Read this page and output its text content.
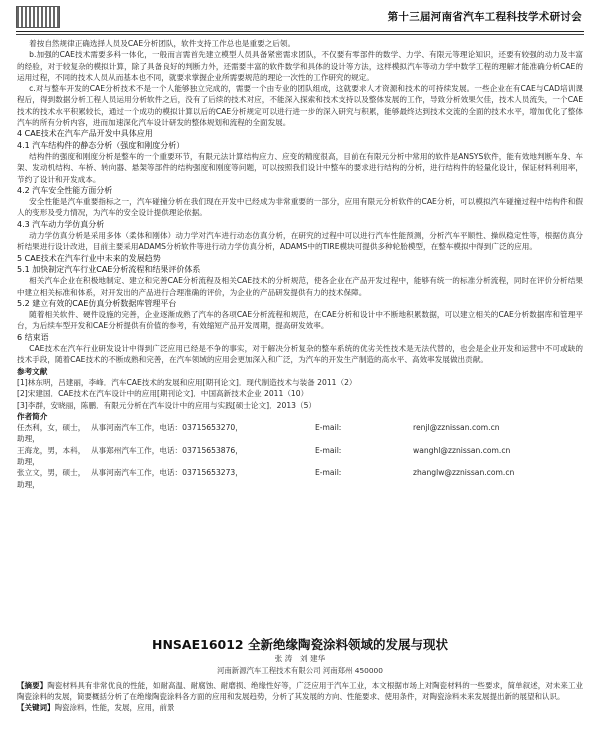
第十三届河南省汽车工程科技学术研讨会

着按自然规律正确选择人员及CAE分析团队，软件支持工作总也是重要之后领。

b.加强的CAE技术需要多科一体化，一般而言需首先建立模型人员具备紧密需求团队，不仅要有零部件的数学、力学、有限元等理论知识，还要有较强的动力及丰富的经验，对于较复杂的模拟计算，除了具备良好的判断力外，还需要丰富的软件数学和具体的设计等方法，这样模拟汽车等动力学中数学工程的理解才能准确分析CAE的运用过程，不同的技术人员从而基本也不同，就要求掌握企业所需要规范的理论一次性的工作研究的规定。

c.对与整车开发的CAE分析技术不是一个人能够独立完成的，需要一个由专业的团队组成，这就要求人才资源和技术的可持续发展。一些企业在有CAE与CAD培训课程后，得到数据分析工程人员运用分析软件之后，没有了后续的技术对应，不能深入探索和技术支持以及整体发展的工作，导致分析效果欠佳，技术人员流失，一个CAE技术的技术水平积累较长，通过一个成功的模拟计算以后的CAE分析规定可以进行进一步的深入研究与积累，能够最终达到技术交流的全面的技术水平，增加优化了整体汽车的所有分析内容，进而加速深化汽车设计研发的整体规划和流程的全面发展。

4 CAE技术在汽车产品开发中具体应用

4.1 汽车结构件的静态分析（强度和刚度分析）

结构件的强度和刚度分析是整车的一个重要环节，有限元法计算结构应力、应变的精度很高，目前在有限元分析中常用的软件是ANSYS软件，能有效地判断车身、车架、发动机结构、车桥、转向器、悬架等部件的结构强度和刚度等问题，可以按照我们设计中整车的要求进行结构的分析，进行结构件的轻量化设计，保证材料利用率，节约了设计和开发成本。

4.2 汽车安全性能方面分析

安全性能是汽车重要指标之一，汽车碰撞分析在我们现在开发中已经成为非常重要的一部分，应用有限元分析软件的CAE分析，可以模拟汽车碰撞过程中结构件和假人的变形及受力情况，为汽车的安全设计提供理论依据。

4.3 汽车动力学仿真分析

动力学仿真分析是采用多体（柔体和刚体）动力学对汽车进行动态仿真分析，在研究的过程中可以进行汽车性能预测，分析汽车平顺性、操纵稳定性等，根据仿真分析结果进行设计改进，目前主要采用ADAMS分析软件等进行动力学仿真分析，ADAMS中的TIRE模块可提供多种轮胎模型，在整车模拟中得到广泛的应用。

5 CAE技术在汽车行业中未来的发展趋势

5.1 加快制定汽车行业CAE分析流程和结果评价体系

相关汽车企业在积极地制定、建立和完善CAE分析流程及相关CAE技术的分析规范，使各企业在产品开发过程中，能够有统一的标准分析流程，同时在评价分析结果中建立相关标准和体系，对开发出的产品进行合理准确的评价，为企业的产品研发提供有力的技术保障。

5.2 建立有效的CAE仿真分析数据库管理平台

随着相关软件、硬件设施的完善，企业逐渐成熟了汽车的各项CAE分析流程和规范，在CAE分析和设计中不断地积累数据，可以建立相关的CAE分析数据库和管理平台，为后续车型开发和CAE分析提供有价值的参考，有效缩短产品开发周期，提高研发效率。

6 结束语

CAE技术在汽车行业研发设计中得到广泛应用已经是不争的事实，对于解决分析复杂的整车系统的优劣关性技术是无法代替的，也会是企业开发和运营中不可或缺的技术手段，随着CAE技术的不断成熟和完善，在汽车领域的应用会更加深入和广泛，为汽车的开发生产制造的高水平、高效率发展做出贡献。

参考文献

[1]林东明，吕建丽，李峰．汽车CAE技术的发展和应用[期刊论文]．现代制造技术与装备 2011（2）

[2]宋建国．CAE技术在汽车设计中的应用[期刊论文]．中国高新技术企业 2011（10）

[3]李群，安晓丽，陈鹏．有限元分析在汽车设计中的应用与实践[硕士论文]．2013（5）

作者简介

任杰利，女，硕士，助理，
从事河南汽车工作，电话：03715653270，	E-mail:	renjl@zznissan.com.cn
王海龙，男，本科，助理，
从事郑州汽车工作，电话：03715653876，	E-mail:	wanghl@zznissan.com.cn
张立文，男，硕士，助理，
从事河南汽车工作，电话：03715653273，	E-mail:	zhanglw@zznissan.com.cn
HNSAE16012 全新绝缘陶瓷涂料领域的发展与现状
张 涛　刘 建华
河南新源汽车工程技术有限公司 河南郑州 450000

【摘要】陶瓷材料具有非常优良的性能，如耐高温、耐腐蚀、耐磨损、绝缘性好等，广泛应用于汽车工业，本文根据市场上对陶瓷材料的一些要求，简单叙述，对未来工业陶瓷涂料的发展，简要概括分析了在绝缘陶瓷涂料各方面的应用和发展趋势，分析了其发展的方向、性能要求、使用条件，对陶瓷涂料未来发展提出新的展望和认识。

【关键词】陶瓷涂料，性能，发展，应用，前景
